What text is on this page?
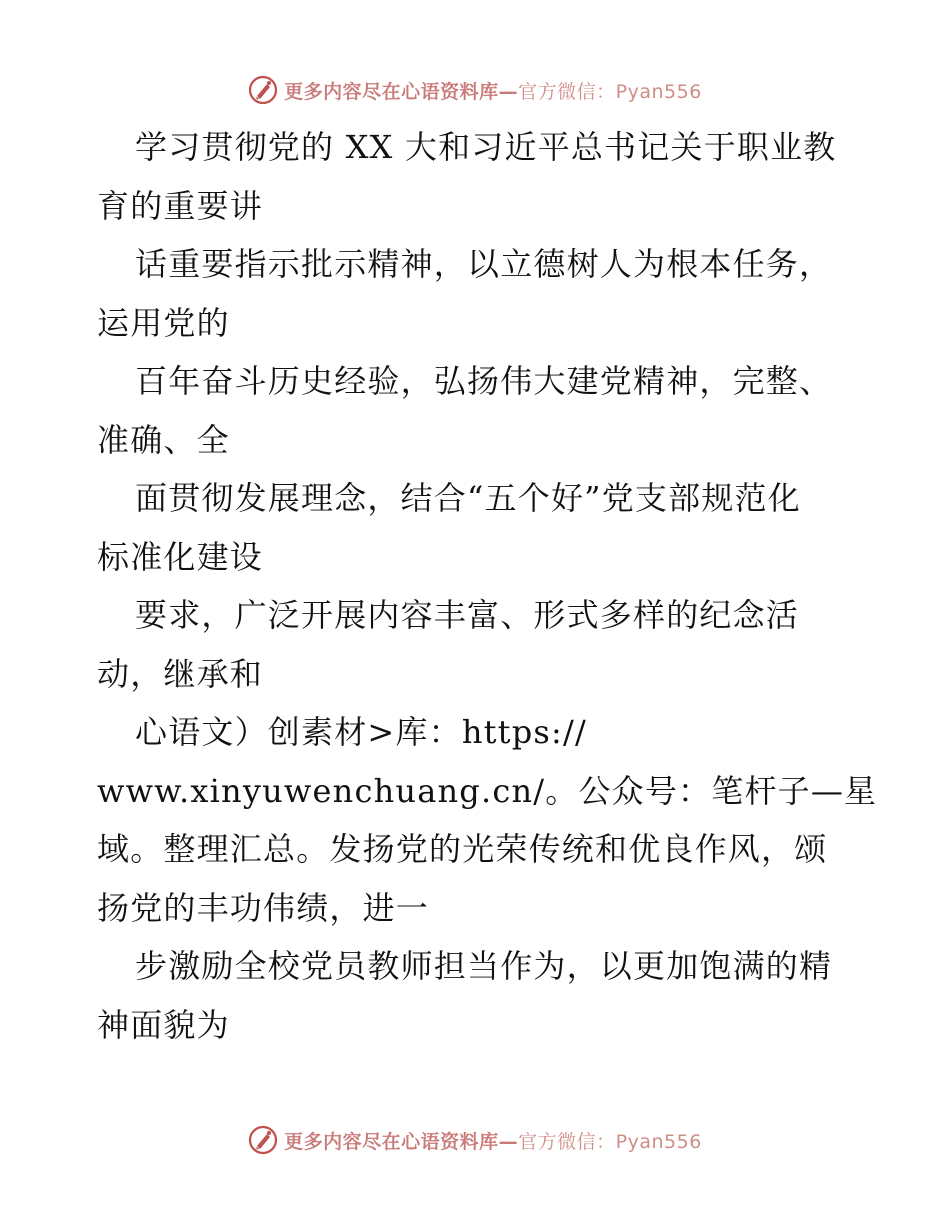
更多内容尽在心语资料库—官方微信：Pyan556
学习贯彻党的 XX 大和习近平总书记关于职业教
育的重要讲
话重要指示批示精神，以立德树人为根本任务，
运用党的
百年奋斗历史经验，弘扬伟大建党精神，完整、
准确、全
面贯彻发展理念，结合“五个好”党支部规范化
标准化建设
要求，广泛开展内容丰富、形式多样的纪念活
动，继承和
心语文）创素材>库：https://
www.xinyuwenchuang.cn/。公众号：笔杆子—星
域。整理汇总。发扬党的光荣传统和优良作风，颂
扬党的丰功伟绩，进一
步激励全校党员教师担当作为，以更加饱满的精
神面貌为
更多内容尽在心语资料库—官方微信：Pyan556
